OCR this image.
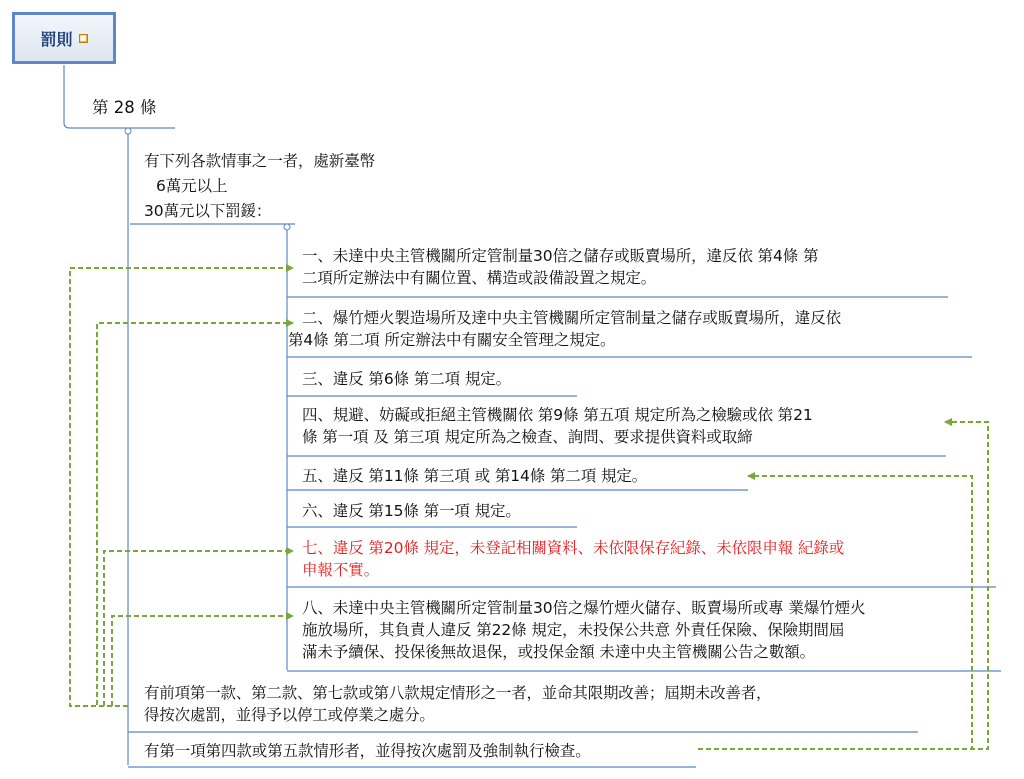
罰則 ■

第 28 條

有下列各款情事之一者，處新臺幣
6萬元以上
30萬元以下罰鍰：
一、未達中央主管機關所定管制量30倍之儲存或販賣場所，違反依 第4條 第
二項所定辦法中有關位置、構造或設備設置之規定。
二、爆竹煙火製造場所及達中央主管機關所定管制量之儲存或販賣場所，違反依
第4條 第二項 所定辦法中有關安全管理之規定。
三、違反 第6條 第二項 規定。
四、規避、妨礙或拒絕主管機關依 第9條 第五項 規定所為之檢驗或依 第21
條 第一項 及 第三項 規定所為之檢查、詢問、要求提供資料或取締
五、違反 第11條 第三項 或 第14條 第二項 規定。
六、違反 第15條 第一項 規定。
七、違反 第20條 規定，未登記相關資料、未依限保存紀錄、未依限申報 紀錄或
申報不實。
八、未達中央主管機關所定管制量30倍之爆竹煙火儲存、販賣場所或專 業爆竹煙火
施放場所，其負責人違反 第22條 規定，未投保公共意 外責任保險、保險期間屆
滿未予續保、投保後無故退保，或投保金額 未達中央主管機關公告之數額。
有前項第一款、第二款、第七款或第八款規定情形之一者，並命其限期改善；屆期未改善者，
得按次處罰，並得予以停工或停業之處分。
有第一項第四款或第五款情形者，並得按次處罰及強制執行檢查。
